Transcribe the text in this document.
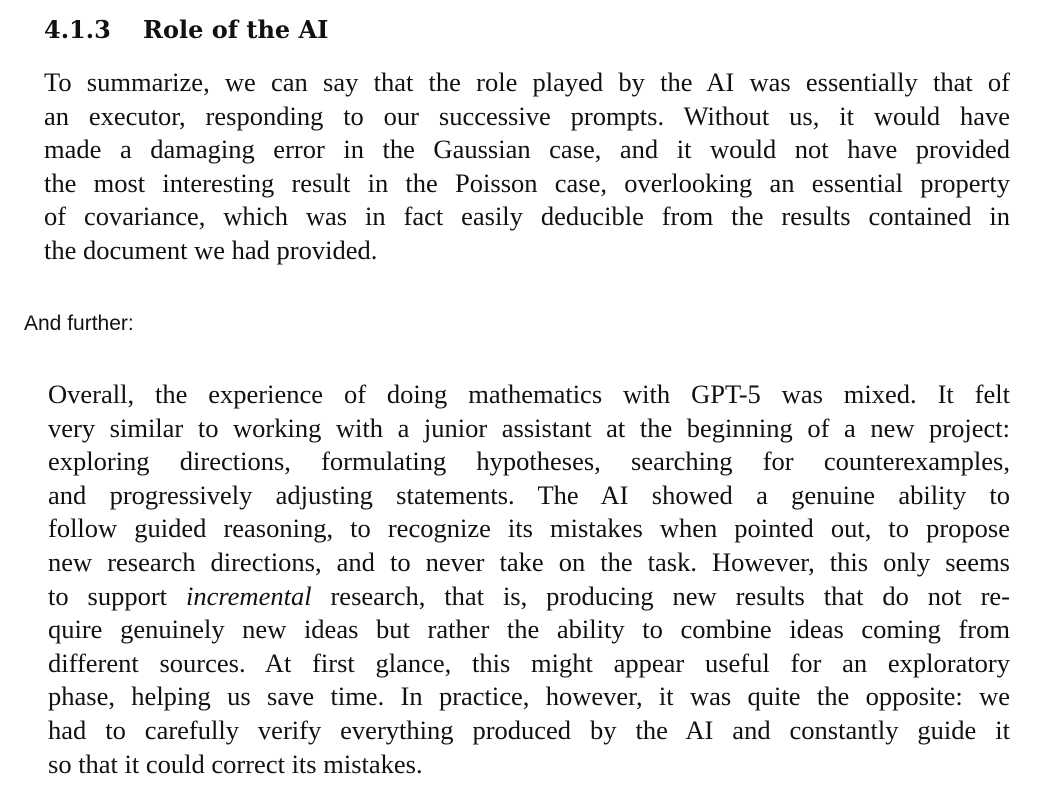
4.1.3 Role of the AI

To summarize, we can say that the role played by the AI was essentially that of
an executor, responding to our successive prompts. Without us, it would have
made a damaging error in the Gaussian case, and it would not have provided
the most interesting result in the Poisson case, overlooking an essential property
of covariance, which was in fact easily deducible from the results contained in
the document we had provided.

And further:

Overall, the experience of doing mathematics with GPT-5 was mixed. It felt
very similar to working with a junior assistant at the beginning of a new project:
exploring directions, formulating hypotheses, searching for counterexamples,
and progressively adjusting statements. The AI showed a genuine ability to
follow guided reasoning, to recognize its mistakes when pointed out, to propose
new research directions, and to never take on the task. However, this only seems
to support incremental research, that is, producing new results that do not re-
quire genuinely new ideas but rather the ability to combine ideas coming from
different sources. At first glance, this might appear useful for an exploratory
phase, helping us save time. In practice, however, it was quite the opposite: we
had to carefully verify everything produced by the AI and constantly guide it
so that it could correct its mistakes.
